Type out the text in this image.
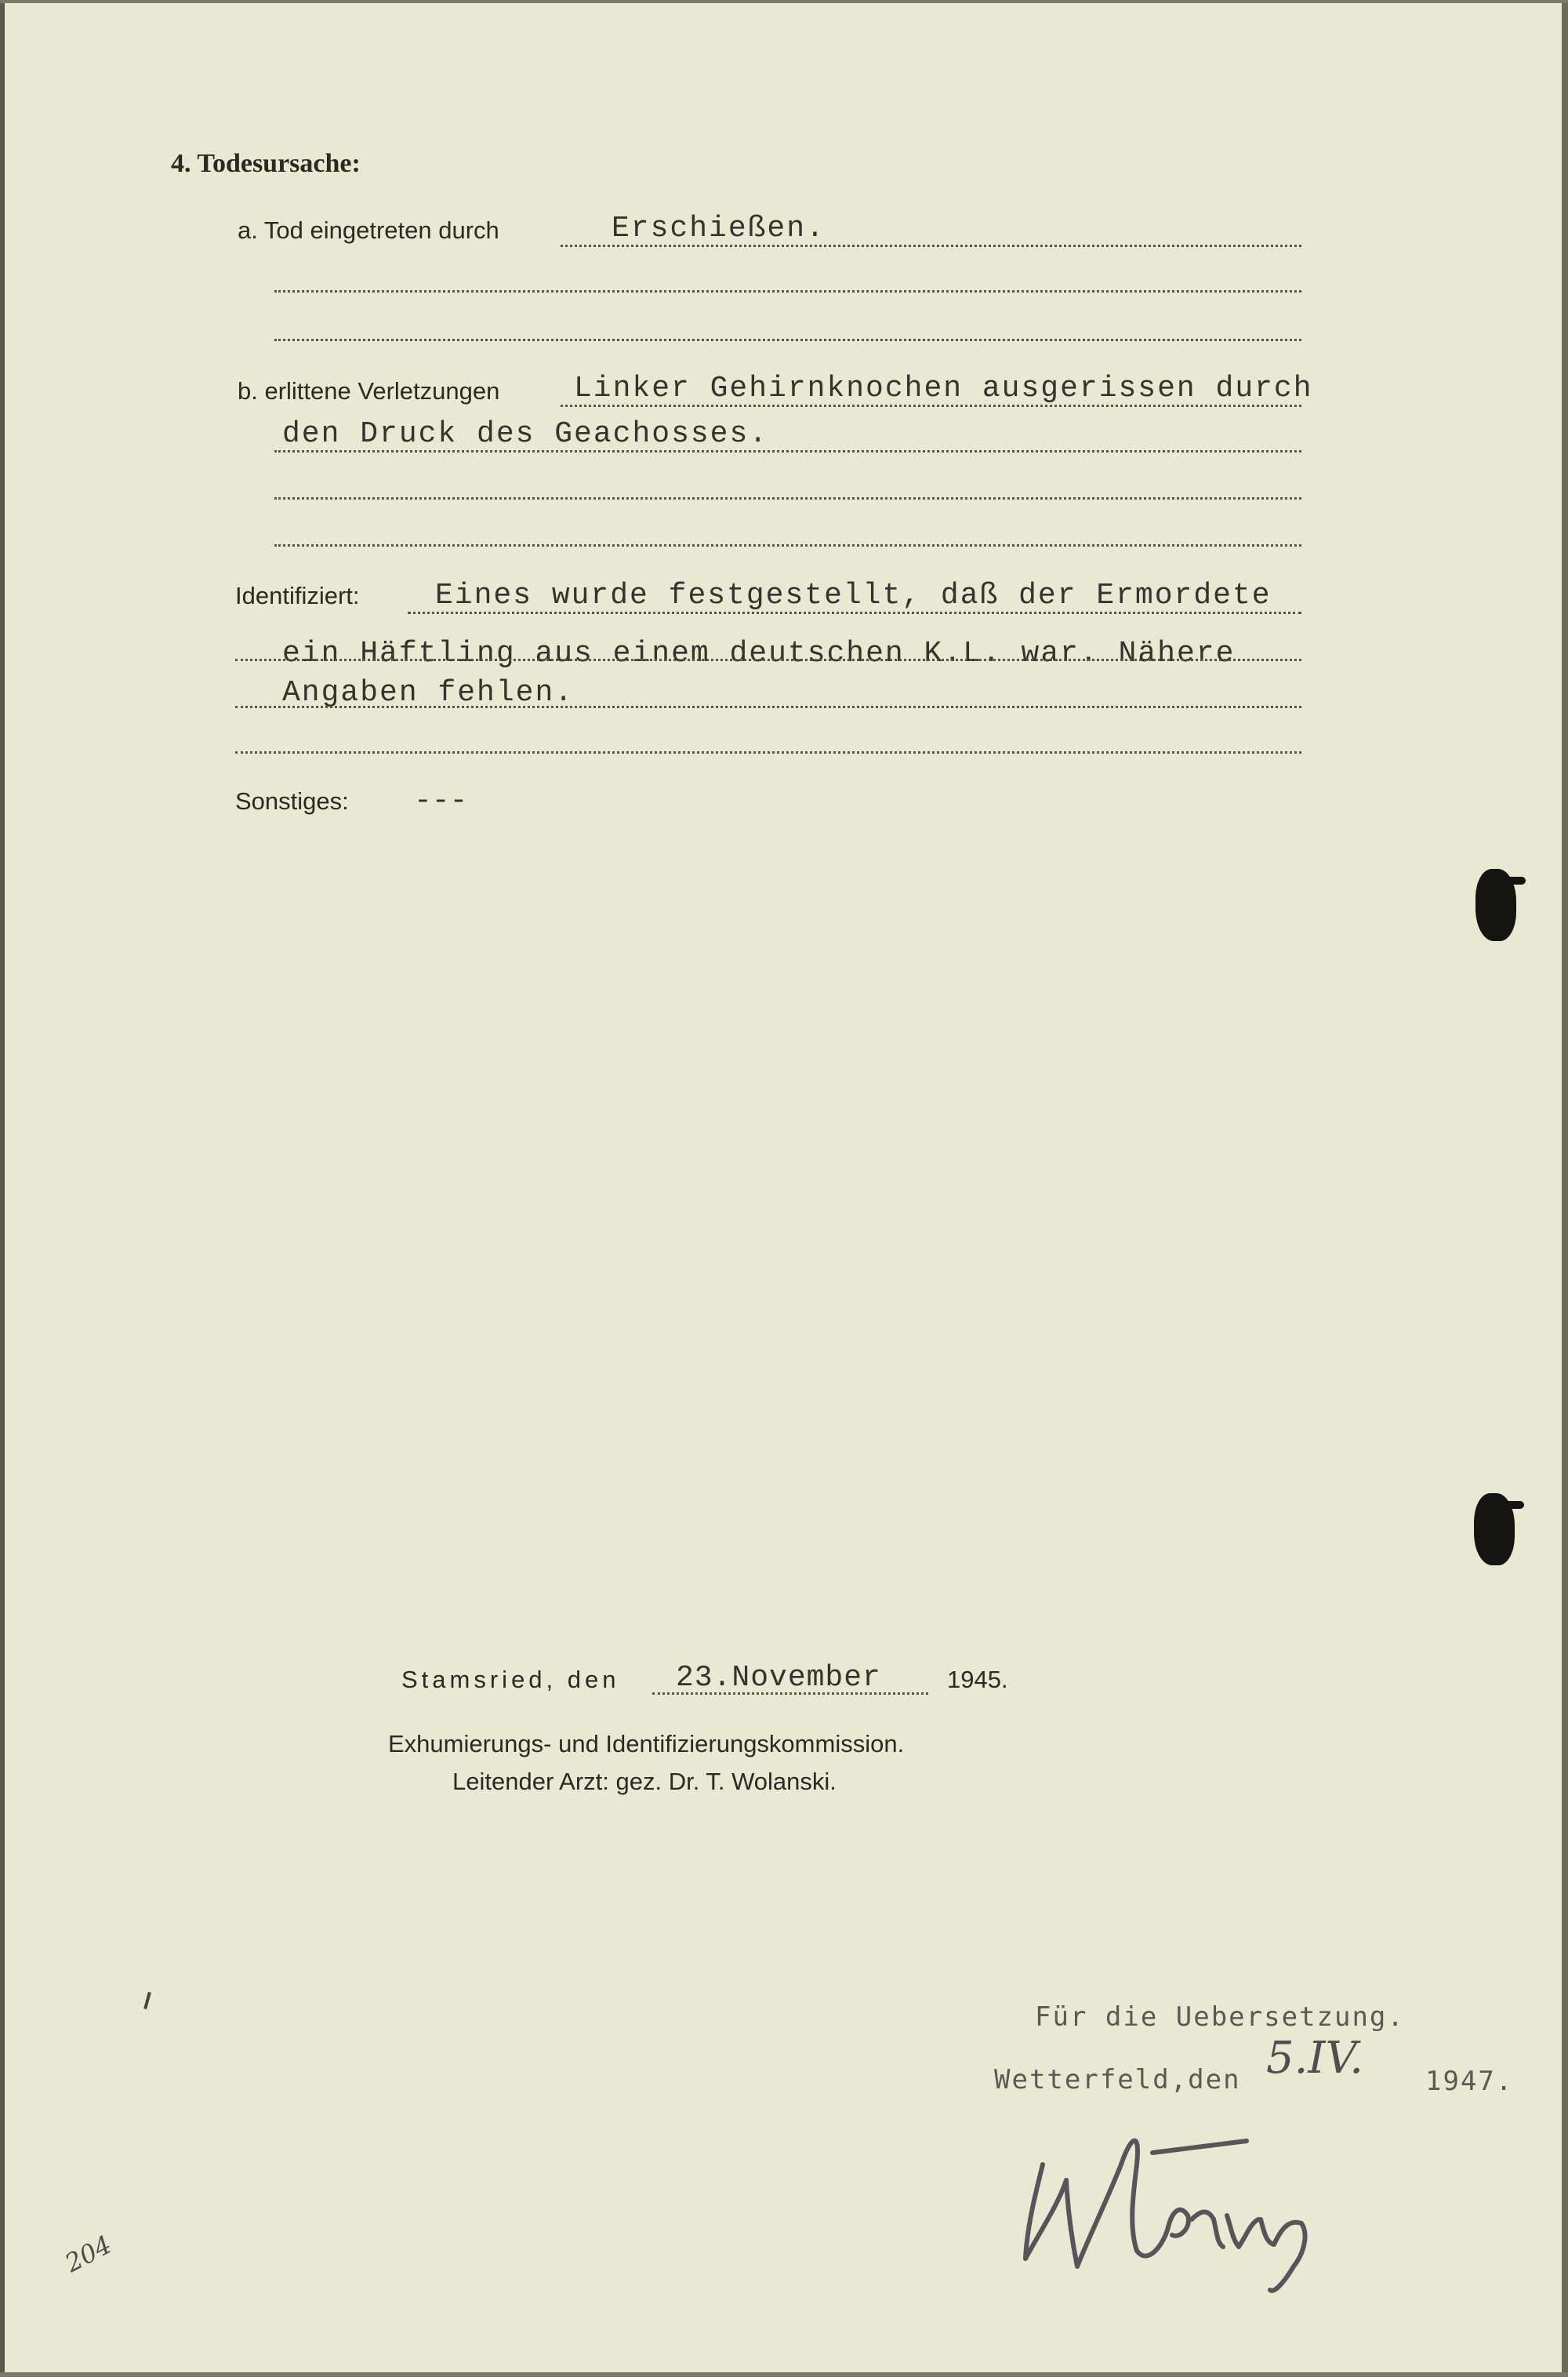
4. Todesursache:
a. Tod eingetreten durch	Erschießen.
b. erlittene Verletzungen Linker Gehirnknochen ausgerissen durch
den Druck des Geachosses.
Identifiziert:	Eines wurde festgestellt, daß der Ermordete
ein Häftling aus einem deutschen K.L. war. Nähere
Angaben fehlen.
Sonstiges: ---
Stamsried, den 23.November	1945.
Exhumierungs- und Identifizierungskommission.
Leitender Arzt: gez. Dr. T. Wolanski.
Für die Uebersetzung.
Wetterfeld,den 5.IV. 1947.
204
